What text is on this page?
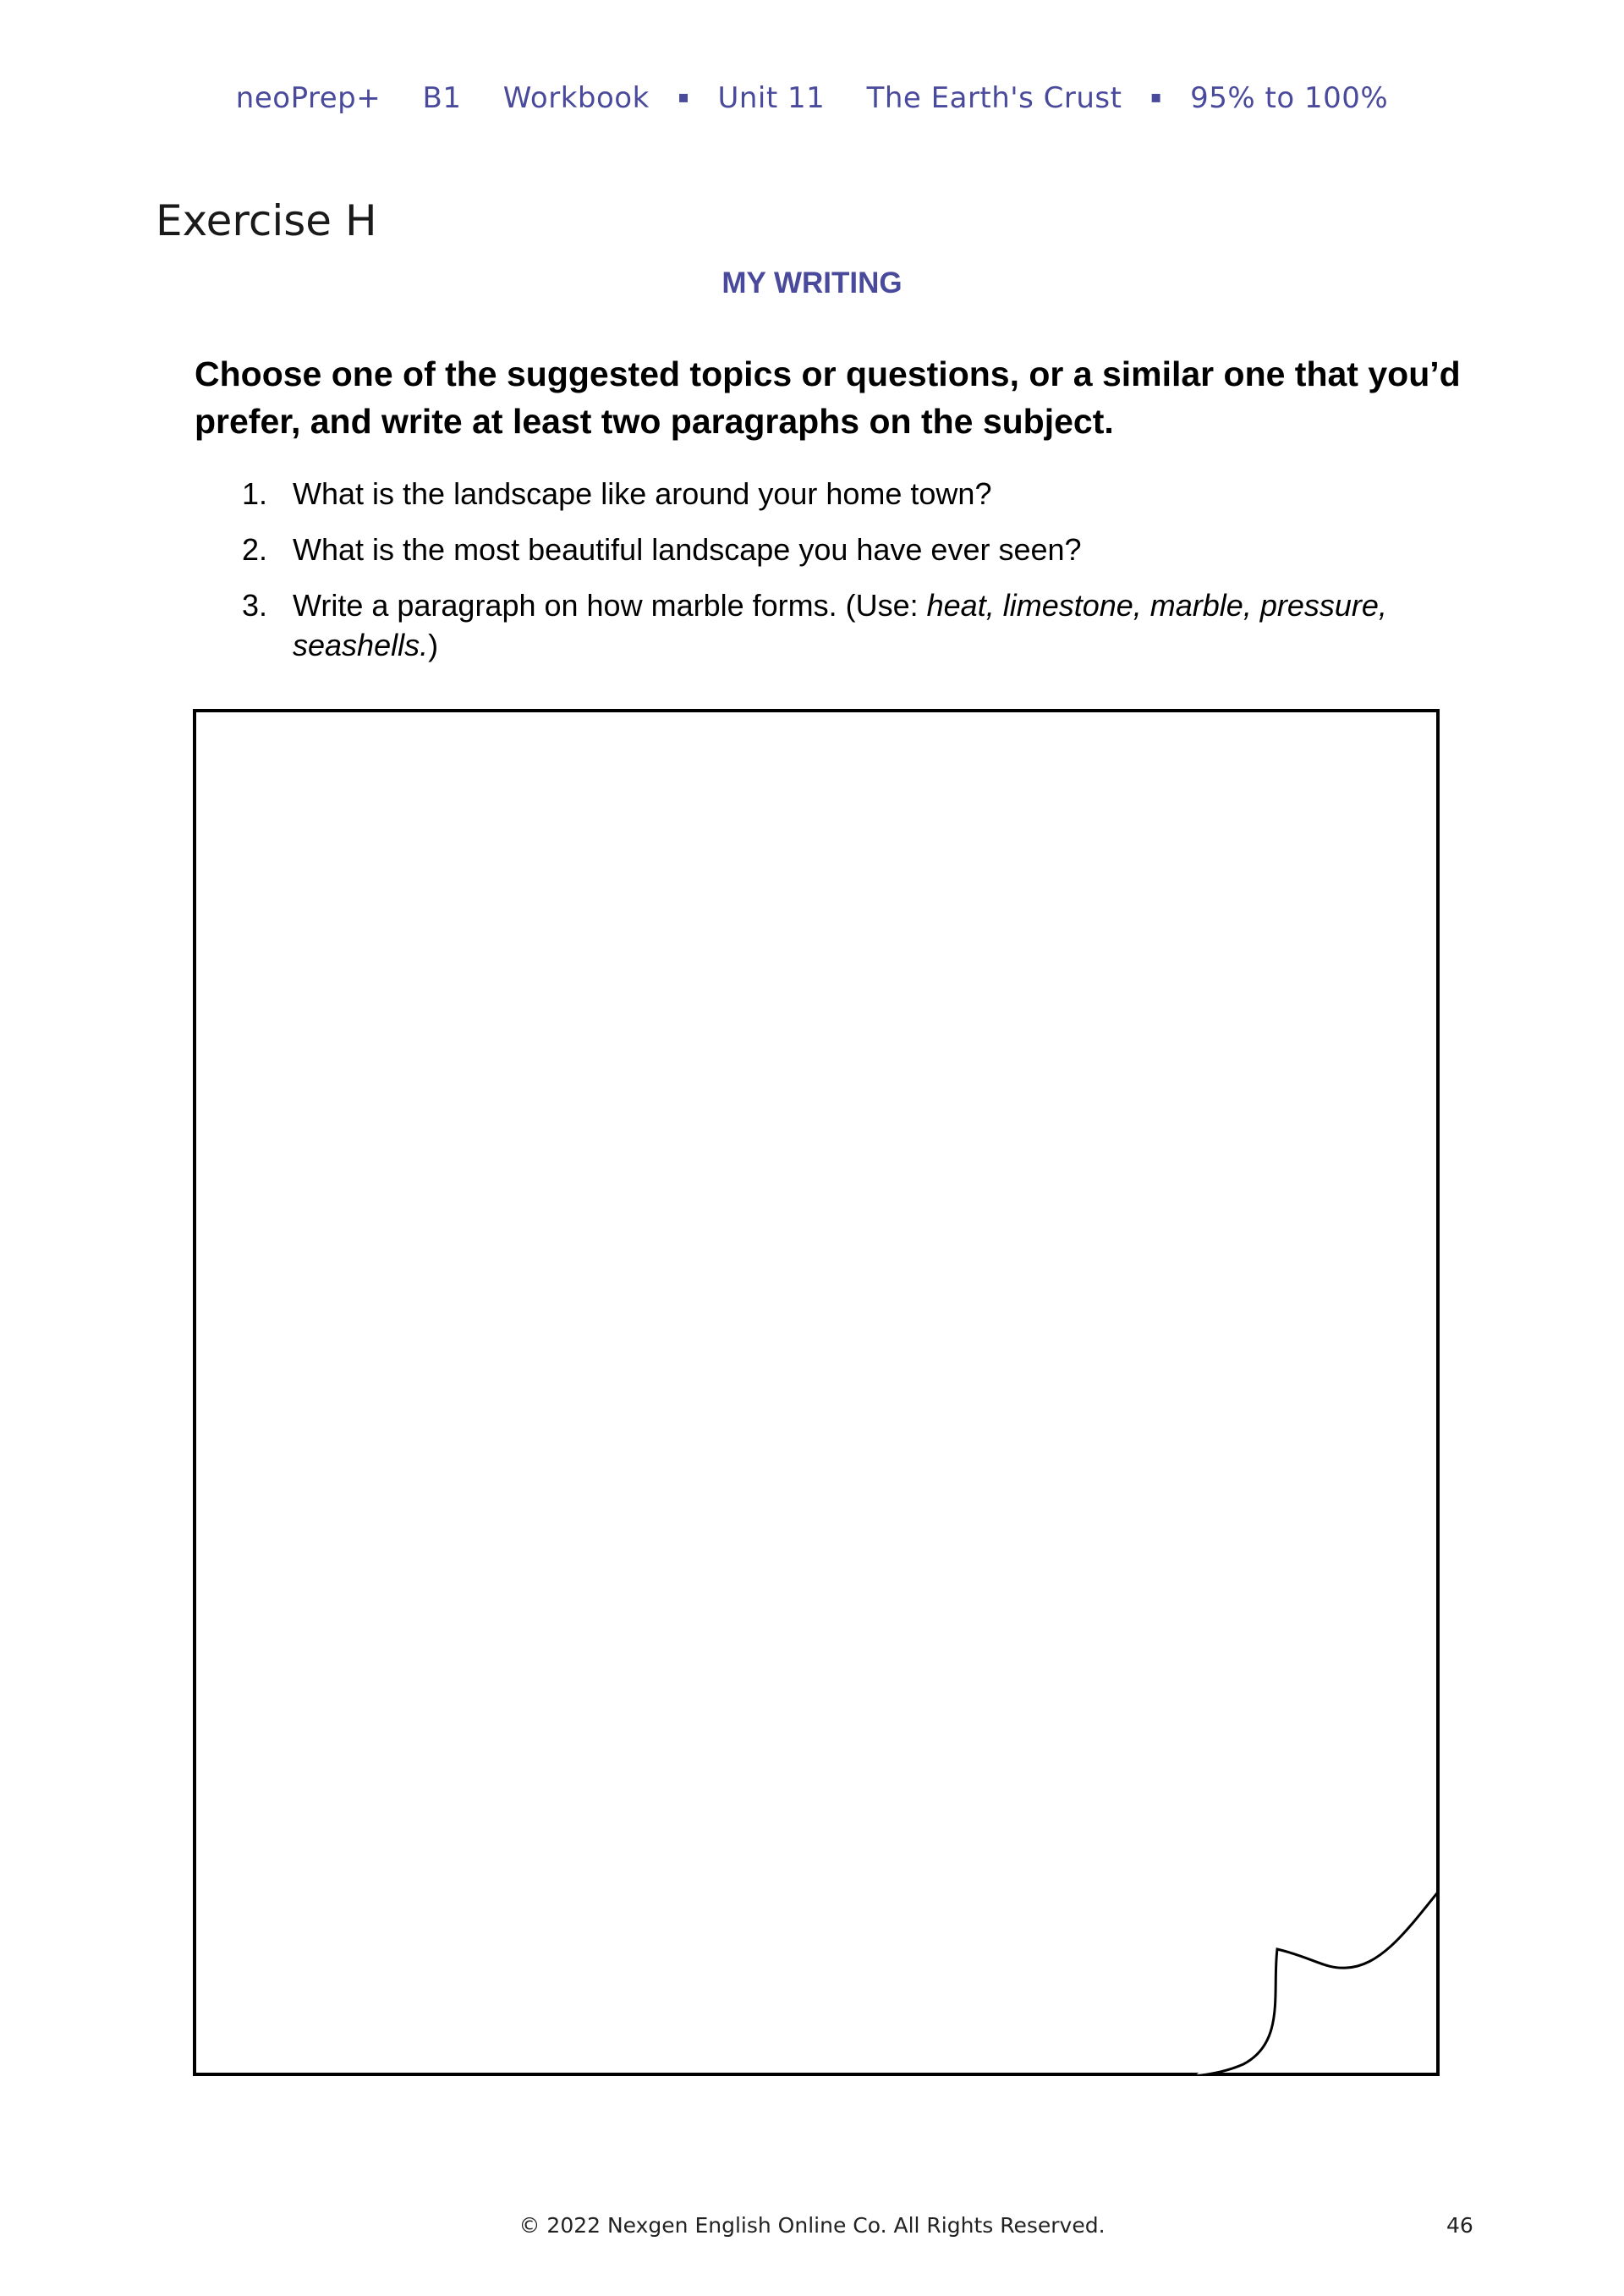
neoPrep+ B1 Workbook ▪ Unit 11 The Earth's Crust ▪ 95% to 100%
Exercise H
MY WRITING

Choose one of the suggested topics or questions, or a similar one that you’d prefer, and write at least two paragraphs on the subject.

1. What is the landscape like around your home town?
2. What is the most beautiful landscape you have ever seen?
3. Write a paragraph on how marble forms. (Use: heat, limestone, marble, pressure, seashells.)
© 2022 Nexgen English Online Co. All Rights Reserved.	46
